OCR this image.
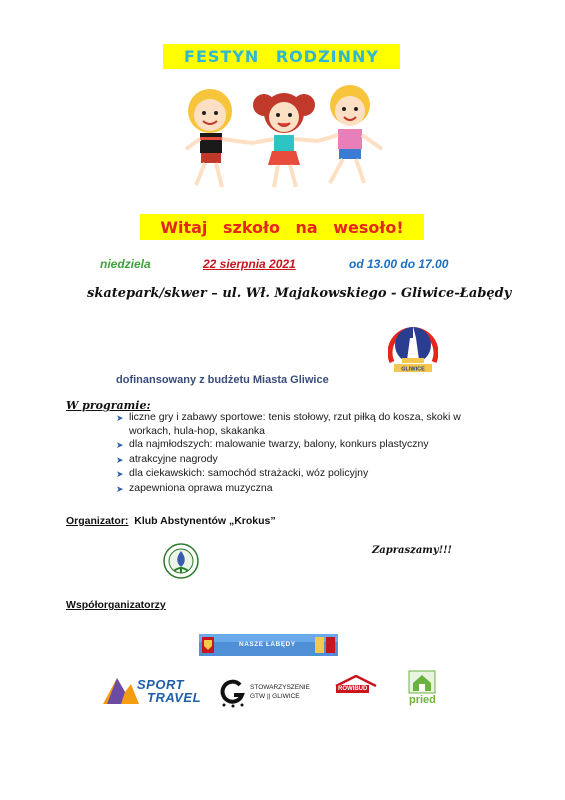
FESTYN RODZINNY
Witaj szkoło na wesoło!
niedziela	22 sierpnia 2021	od 13.00 do 17.00
skatepark/skwer – ul. Wł. Majakowskiego - Gliwice-Łabędy
GLIWICE
dofinansowany z budżetu Miasta Gliwice
W programie:
➤ liczne gry i zabawy sportowe: tenis stołowy, rzut piłką do kosza, skoki w workach, hula-hop, skakanka
➤ dla najmłodszych: malowanie twarzy, balony, konkurs plastyczny
➤ atrakcyjne nagrody
➤ dla ciekawskich: samochód strażacki, wóz policyjny
➤ zapewniona oprawa muzyczna
Organizator: Klub Abstynentów „Krokus”
Zapraszamy!!!
Współorganizatorzy
NASZE ŁABĘDY
SPORT
TRAVEL
STOWARZYSZENIE
GTW || GLIWICE
ROWIBUD
pried
